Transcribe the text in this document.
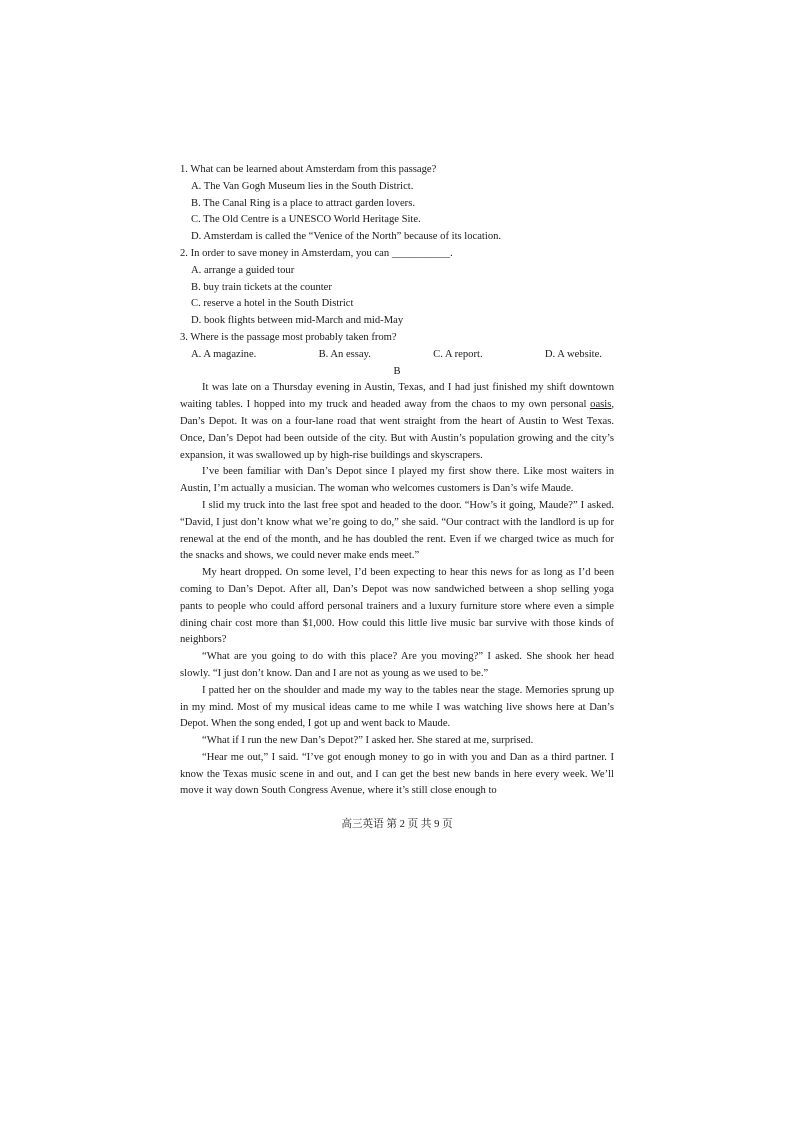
1. What can be learned about Amsterdam from this passage?

A. The Van Gogh Museum lies in the South District.

B. The Canal Ring is a place to attract garden lovers.

C. The Old Centre is a UNESCO World Heritage Site.

D. Amsterdam is called the “Venice of the North” because of its location.

2. In order to save money in Amsterdam, you can ___________.

A. arrange a guided tour

B. buy train tickets at the counter

C. reserve a hotel in the South District

D. book flights between mid-March and mid-May

3. Where is the passage most probably taken from?

A. A magazine.	B. An essay.	C. A report.	D. A website.

B

It was late on a Thursday evening in Austin, Texas, and I had just finished my shift downtown waiting tables. I hopped into my truck and headed away from the chaos to my own personal oasis, Dan’s Depot. It was on a four-lane road that went straight from the heart of Austin to West Texas. Once, Dan’s Depot had been outside of the city. But with Austin’s population growing and the city’s expansion, it was swallowed up by high-rise buildings and skyscrapers.

I’ve been familiar with Dan’s Depot since I played my first show there. Like most waiters in Austin, I’m actually a musician. The woman who welcomes customers is Dan’s wife Maude.

I slid my truck into the last free spot and headed to the door. “How’s it going, Maude?” I asked. “David, I just don’t know what we’re going to do,” she said. “Our contract with the landlord is up for renewal at the end of the month, and he has doubled the rent. Even if we charged twice as much for the snacks and shows, we could never make ends meet.”

My heart dropped. On some level, I’d been expecting to hear this news for as long as I’d been coming to Dan’s Depot. After all, Dan’s Depot was now sandwiched between a shop selling yoga pants to people who could afford personal trainers and a luxury furniture store where even a simple dining chair cost more than $1,000. How could this little live music bar survive with those kinds of neighbors?

“What are you going to do with this place? Are you moving?” I asked. She shook her head slowly. “I just don’t know. Dan and I are not as young as we used to be.”

I patted her on the shoulder and made my way to the tables near the stage. Memories sprung up in my mind. Most of my musical ideas came to me while I was watching live shows here at Dan’s Depot. When the song ended, I got up and went back to Maude.

“What if I run the new Dan’s Depot?” I asked her. She stared at me, surprised.

“Hear me out,” I said. “I’ve got enough money to go in with you and Dan as a third partner. I know the Texas music scene in and out, and I can get the best new bands in here every week. We’ll move it way down South Congress Avenue, where it’s still close enough to

高三英语 第 2 页 共 9 页
